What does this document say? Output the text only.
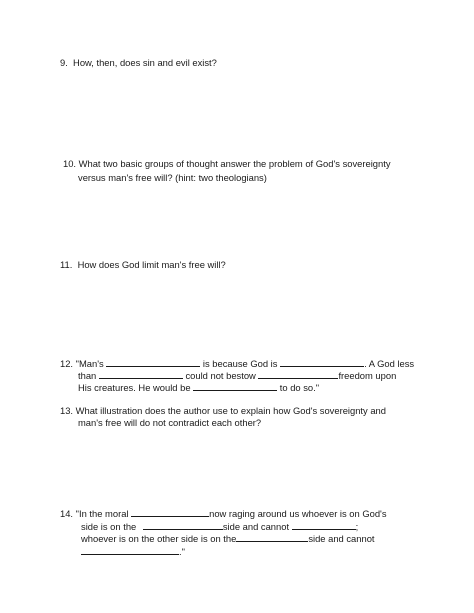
9. How, then, does sin and evil exist?
10. What two basic groups of thought answer the problem of God's sovereignty
versus man's free will? (hint: two theologians)
11. How does God limit man's free will?
12. "Man's	is because God is	. A God less
than	could not bestow	freedom upon
His creatures. He would be	to do so."
13. What illustration does the author use to explain how God's sovereignty and
man's free will do not contradict each other?
14. "In the moral	now raging around us whoever is on God's
side is on the	side and cannot	;
whoever is on the other side is on the	side and cannot
."
